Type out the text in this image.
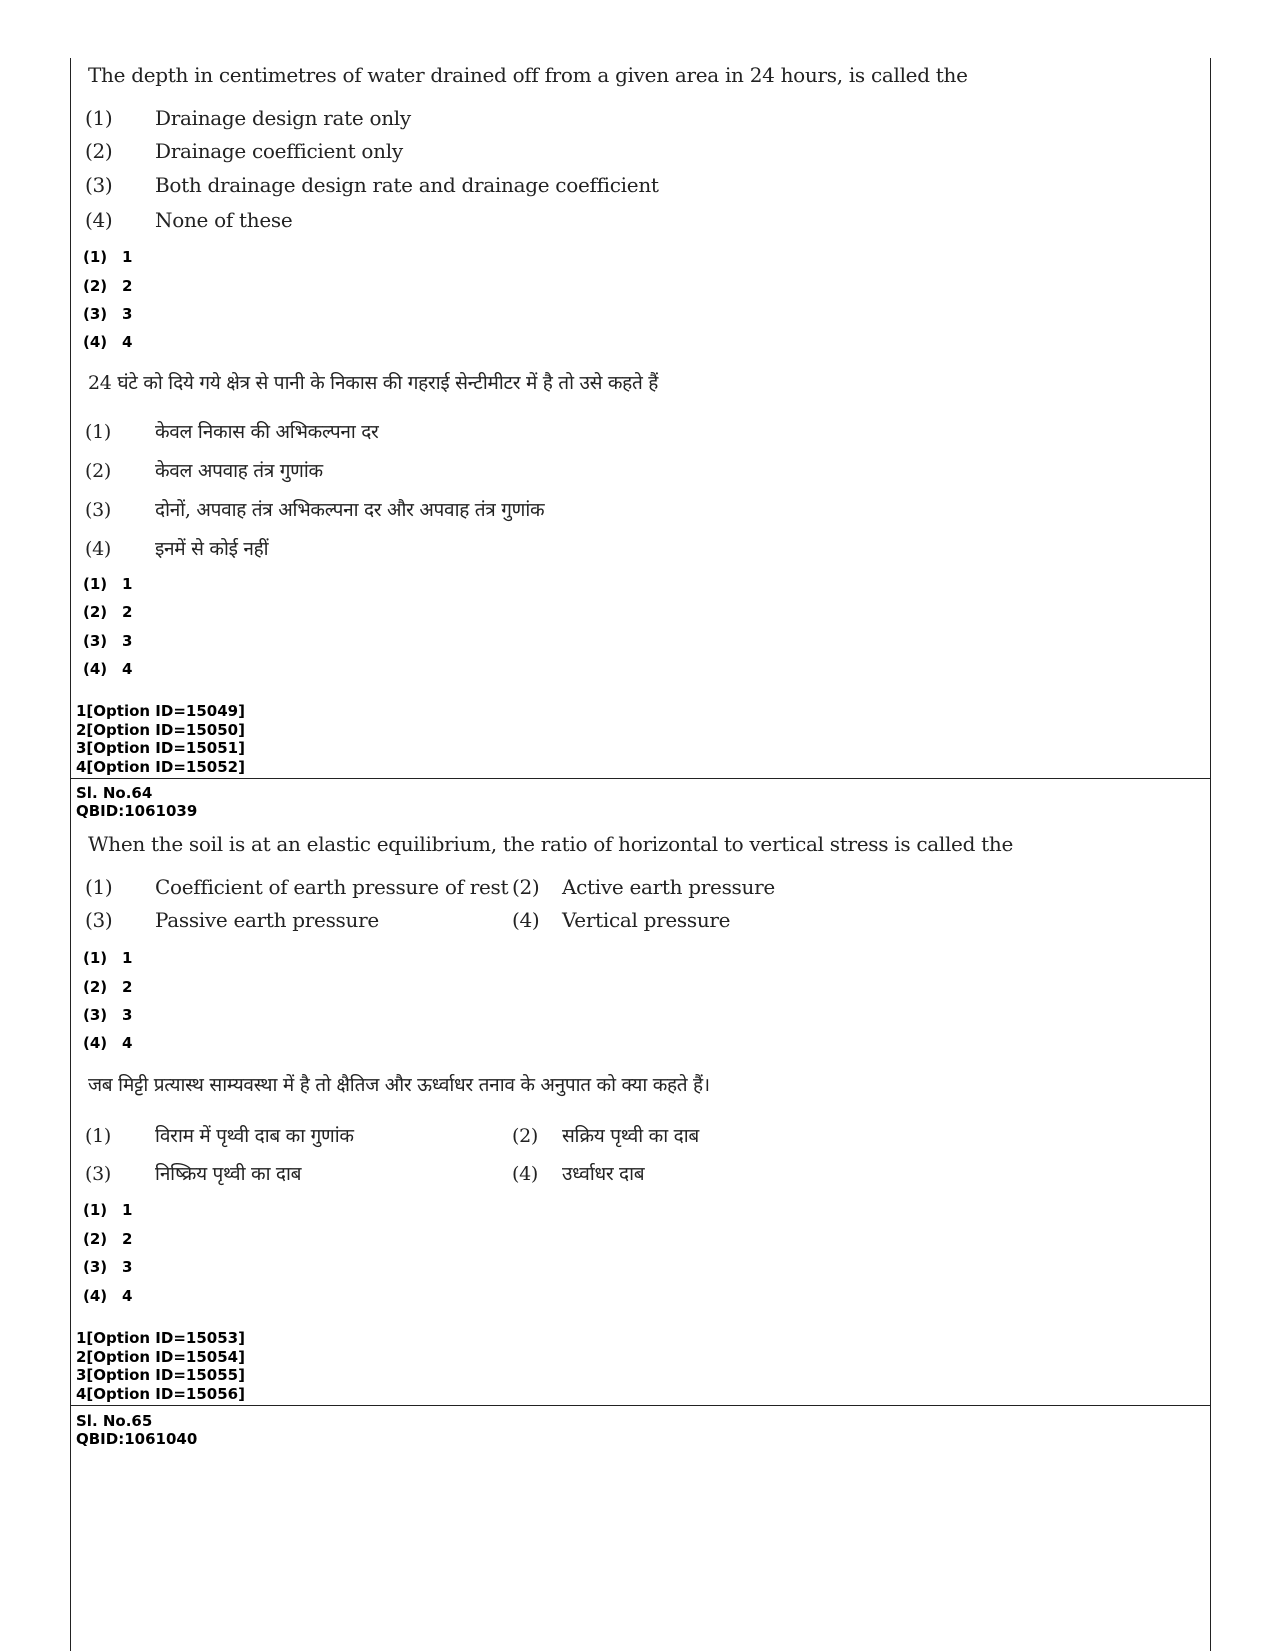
The depth in centimetres of water drained off from a given area in 24 hours, is called the
(1) Drainage design rate only
(2) Drainage coefficient only
(3) Both drainage design rate and drainage coefficient
(4) None of these
(1) 1
(2) 2
(3) 3
(4) 4
24 घंटे को दिये गये क्षेत्र से पानी के निकास की गहराई सेन्टीमीटर में है तो उसे कहते हैं
(1) केवल निकास की अभिकल्पना दर
(2) केवल अपवाह तंत्र गुणांक
(3) दोनों, अपवाह तंत्र अभिकल्पना दर और अपवाह तंत्र गुणांक
(4) इनमें से कोई नहीं
(1) 1
(2) 2
(3) 3
(4) 4
1[Option ID=15049]
2[Option ID=15050]
3[Option ID=15051]
4[Option ID=15052]
Sl. No.64
QBID:1061039
When the soil is at an elastic equilibrium, the ratio of horizontal to vertical stress is called the
(1) Coefficient of earth pressure of rest (2) Active earth pressure
(3) Passive earth pressure	(4) Vertical pressure
(1) 1
(2) 2
(3) 3
(4) 4
जब मिट्टी प्रत्यास्थ साम्यवस्था में है तो क्षैतिज और ऊर्ध्वाधर तनाव के अनुपात को क्या कहते हैं।
(1) विराम में पृथ्वी दाब का गुणांक	(2) सक्रिय पृथ्वी का दाब
(3) निष्क्रिय पृथ्वी का दाब	(4) उर्ध्वाधर दाब
(1) 1
(2) 2
(3) 3
(4) 4
1[Option ID=15053]
2[Option ID=15054]
3[Option ID=15055]
4[Option ID=15056]
Sl. No.65
QBID:1061040
